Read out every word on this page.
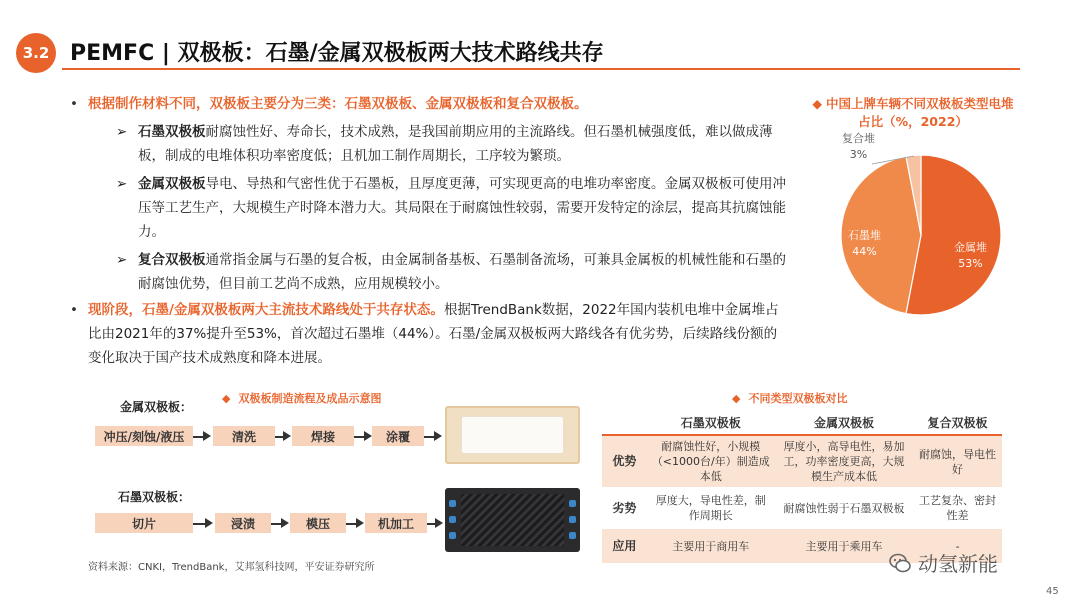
3.2 PEMFC | 双极板：石墨/金属双极板两大技术路线共存
• 根据制作材料不同，双极板主要分为三类：石墨双极板、金属双极板和复合双极板。
➢ 石墨双极板耐腐蚀性好、寿命长，技术成熟，是我国前期应用的主流路线。但石墨机械强度低，难以做成薄板，制成的电堆体积功率密度低；且机加工制作周期长，工序较为繁琐。
➢ 金属双极板导电、导热和气密性优于石墨板，且厚度更薄，可实现更高的电堆功率密度。金属双极板可使用冲压等工艺生产，大规模生产时降本潜力大。其局限在于耐腐蚀性较弱，需要开发特定的涂层，提高其抗腐蚀能力。
➢ 复合双极板通常指金属与石墨的复合板，由金属制备基板、石墨制备流场，可兼具金属板的机械性能和石墨的耐腐蚀优势，但目前工艺尚不成熟，应用规模较小。
• 现阶段，石墨/金属双极板两大主流技术路线处于共存状态。根据TrendBank数据，2022年国内装机电堆中金属堆占比由2021年的37%提升至53%，首次超过石墨堆（44%）。石墨/金属双极板两大路线各有优劣势，后续路线份额的变化取决于国产技术成熟度和降本进展。
◆ 中国上牌车辆不同双极板类型电堆占比（%，2022）
复合堆
3%
石墨堆
44%	金属堆
53%
◆ 双极板制造流程及成品示意图
金属双极板：
冲压/刻蚀/液压	清洗	焊接	涂覆
石墨双极板：
切片	浸渍	模压	机加工
◆ 不同类型双极板对比
	石墨双极板	金属双极板	复合双极板
优势	耐腐蚀性好，小规模（<1000台/年）制造成本低	厚度小，高导电性，易加工，功率密度更高，大规模生产成本低	耐腐蚀，导电性好
劣势	厚度大，导电性差，制作周期长	耐腐蚀性弱于石墨双极板	工艺复杂、密封性差
应用	主要用于商用车	主要用于乘用车	-
资料来源：CNKI，TrendBank，艾邦氢科技网，平安证券研究所	动氢新能
45
